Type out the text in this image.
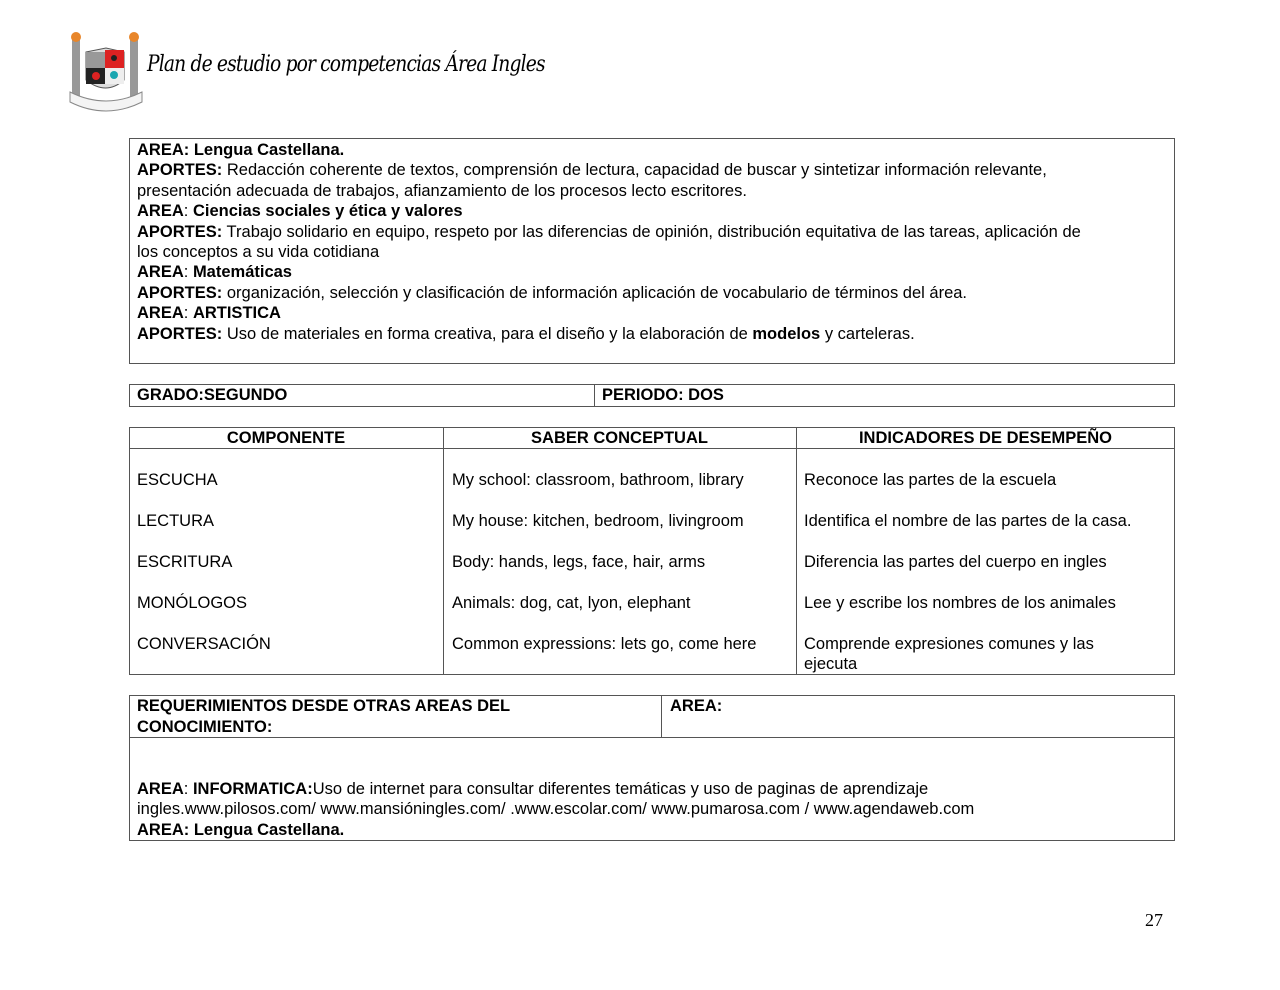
Plan de estudio por competencias Área Ingles
AREA: Lengua Castellana.
APORTES: Redacción coherente de textos, comprensión de lectura, capacidad de buscar y sintetizar información relevante,
presentación adecuada de trabajos, afianzamiento de los procesos lecto escritores.
AREA: Ciencias sociales y ética y valores
APORTES: Trabajo solidario en equipo, respeto por las diferencias de opinión, distribución equitativa de las tareas, aplicación de
los conceptos a su vida cotidiana
AREA: Matemáticas
APORTES: organización, selección y clasificación de información aplicación de vocabulario de términos del área.
AREA: ARTISTICA
APORTES: Uso de materiales en forma creativa, para el diseño y la elaboración de modelos y carteleras.
GRADO:SEGUNDO	PERIODO: DOS
COMPONENTE	SABER CONCEPTUAL	INDICADORES DE DESEMPEÑO
ESCUCHA	My school: classroom, bathroom, library	Reconoce las partes de la escuela
LECTURA	My house: kitchen, bedroom, livingroom	Identifica el nombre de las partes de la casa.
ESCRITURA	Body: hands, legs, face, hair, arms	Diferencia las partes del cuerpo en ingles
MONÓLOGOS	Animals: dog, cat, lyon, elephant	Lee y escribe los nombres de los animales
CONVERSACIÓN	Common expressions: lets go, come here	Comprende expresiones comunes y las
ejecuta
REQUERIMIENTOS DESDE OTRAS AREAS DEL
CONOCIMIENTO:
AREA:
AREA: INFORMATICA:Uso de internet para consultar diferentes temáticas y uso de paginas de aprendizaje
ingles.www.pilosos.com/ www.mansióningles.com/ .www.escolar.com/ www.pumarosa.com / www.agendaweb.com
AREA: Lengua Castellana.
27
